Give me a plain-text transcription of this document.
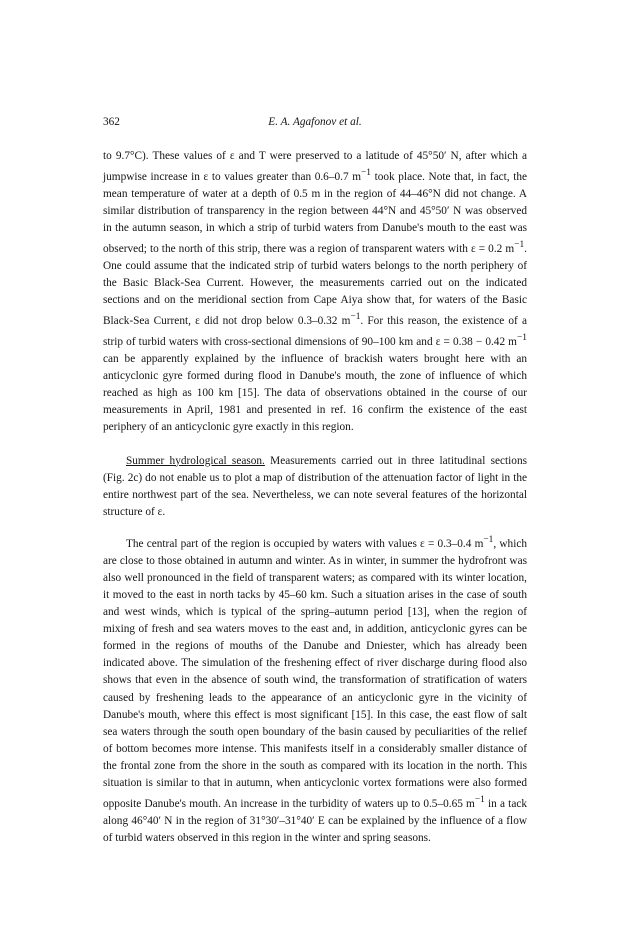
362	E. A. Agafonov et al.

to 9.7°C). These values of ε and T were preserved to a latitude of 45°50′ N, after which a jumpwise increase in ε to values greater than 0.6–0.7 $m^{-1}$ took place. Note that, in fact, the mean temperature of water at a depth of 0.5 m in the region of 44–46°N did not change. A similar distribution of transparency in the region between 44°N and 45°50′ N was observed in the autumn season, in which a strip of turbid waters from Danube's mouth to the east was observed; to the north of this strip, there was a region of transparent waters with ε = 0.2 $m^{-1}$. One could assume that the indicated strip of turbid waters belongs to the north periphery of the Basic Black-Sea Current. However, the measurements carried out on the indicated sections and on the meridional section from Cape Aiya show that, for waters of the Basic Black-Sea Current, ε did not drop below 0.3–0.32 $m^{-1}$. For this reason, the existence of a strip of turbid waters with cross-sectional dimensions of 90–100 km and ε = 0.38 − 0.42 $m^{-1}$ can be apparently explained by the influence of brackish waters brought here with an anticyclonic gyre formed during flood in Danube's mouth, the zone of influence of which reached as high as 100 km [15]. The data of observations obtained in the course of our measurements in April, 1981 and presented in ref. 16 confirm the existence of the east periphery of an anticyclonic gyre exactly in this region.

Summer hydrological season. Measurements carried out in three latitudinal sections (Fig. 2c) do not enable us to plot a map of distribution of the attenuation factor of light in the entire northwest part of the sea. Nevertheless, we can note several features of the horizontal structure of ε.

The central part of the region is occupied by waters with values ε = 0.3–0.4 $m^{-1}$, which are close to those obtained in autumn and winter. As in winter, in summer the hydrofront was also well pronounced in the field of transparent waters; as compared with its winter location, it moved to the east in north tacks by 45–60 km. Such a situation arises in the case of south and west winds, which is typical of the spring–autumn period [13], when the region of mixing of fresh and sea waters moves to the east and, in addition, anticyclonic gyres can be formed in the regions of mouths of the Danube and Dniester, which has already been indicated above. The simulation of the freshening effect of river discharge during flood also shows that even in the absence of south wind, the transformation of stratification of waters caused by freshening leads to the appearance of an anticyclonic gyre in the vicinity of Danube's mouth, where this effect is most significant [15]. In this case, the east flow of salt sea waters through the south open boundary of the basin caused by peculiarities of the relief of bottom becomes more intense. This manifests itself in a considerably smaller distance of the frontal zone from the shore in the south as compared with its location in the north. This situation is similar to that in autumn, when anticyclonic vortex formations were also formed opposite Danube's mouth. An increase in the turbidity of waters up to 0.5–0.65 $m^{-1}$ in a tack along 46°40′ N in the region of 31°30′–31°40′ E can be explained by the influence of a flow of turbid waters observed in this region in the winter and spring seasons.
